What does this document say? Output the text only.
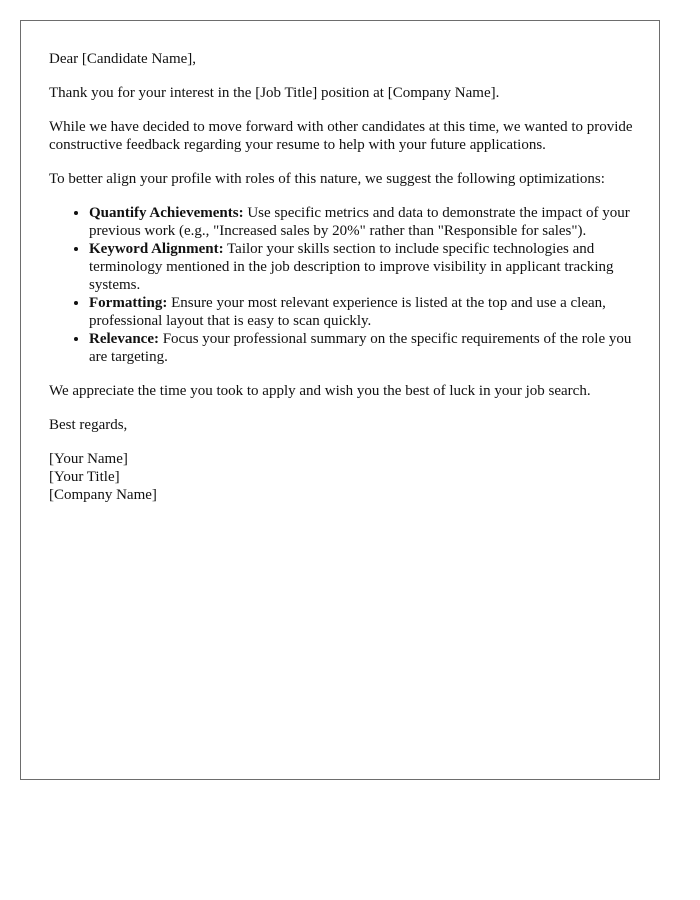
Dear [Candidate Name],

Thank you for your interest in the [Job Title] position at [Company Name].

While we have decided to move forward with other candidates at this time, we wanted to provide constructive feedback regarding your resume to help with your future applications.

To better align your profile with roles of this nature, we suggest the following optimizations:

• Quantify Achievements: Use specific metrics and data to demonstrate the impact of your previous work (e.g., "Increased sales by 20%" rather than "Responsible for sales").
• Keyword Alignment: Tailor your skills section to include specific technologies and terminology mentioned in the job description to improve visibility in applicant tracking systems.
• Formatting: Ensure your most relevant experience is listed at the top and use a clean, professional layout that is easy to scan quickly.
• Relevance: Focus your professional summary on the specific requirements of the role you are targeting.

We appreciate the time you took to apply and wish you the best of luck in your job search.

Best regards,

[Your Name]
[Your Title]
[Company Name]
